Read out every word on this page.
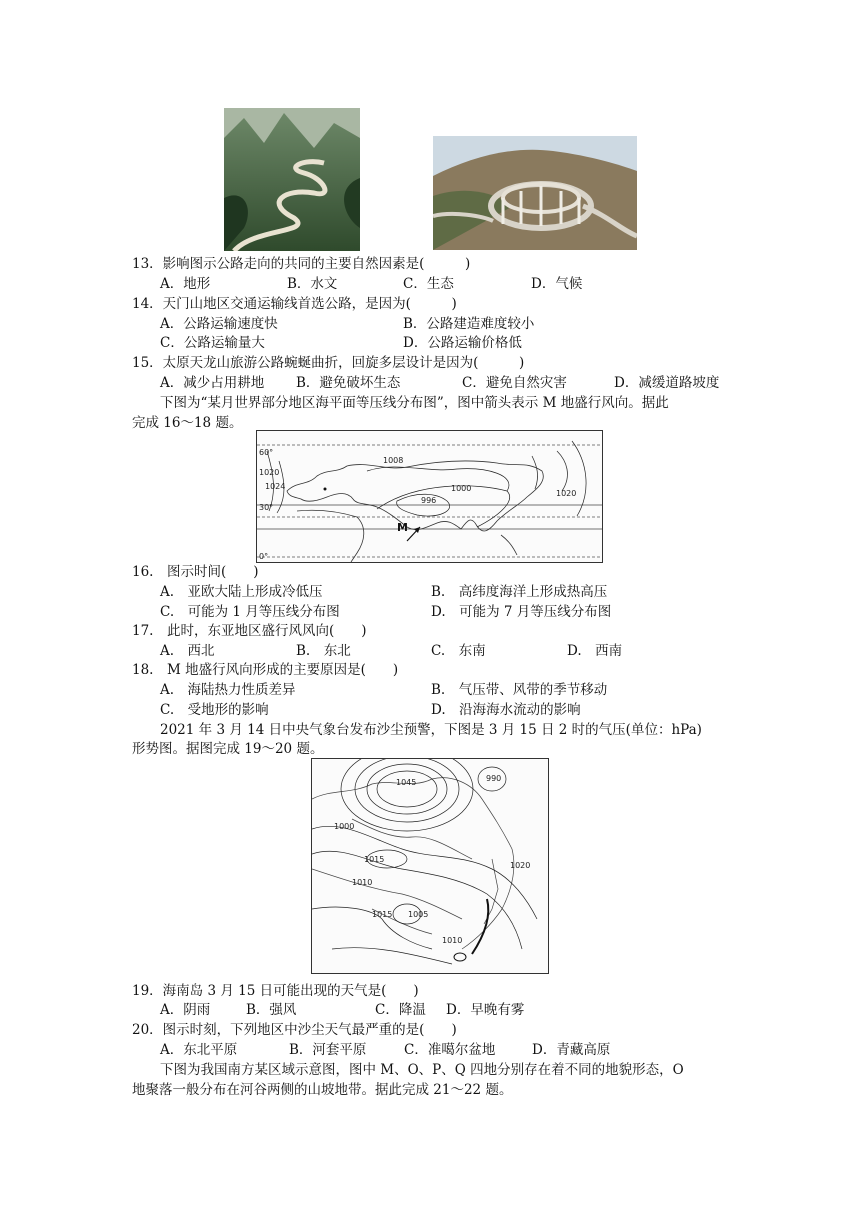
13．影响图示公路走向的共同的主要自然因素是(　　　)
A．地形	B．水文	C．生态	D．气候
14．天门山地区交通运输线首选公路，是因为(　　　)
A．公路运输速度快	B．公路建造难度较小
C．公路运输量大	D．公路运输价格低
15．太原天龙山旅游公路蜿蜒曲折，回旋多层设计是因为(　　　)
A．减少占用耕地 B．避免破坏生态	C．避免自然灾害	D．减缓道路坡度
下图为“某月世界部分地区海平面等压线分布图”，图中箭头表示 M 地盛行风向。据此
完成 16～18 题。
60°
30°
0°
1008
1020
1024	1000
996
1020
M
16.　图示时间(　　)
A.　亚欧大陆上形成冷低压	B.　高纬度海洋上形成热高压
C.　可能为 1 月等压线分布图	D.　可能为 7 月等压线分布图
17.　此时，东亚地区盛行风风向(　　)
A.　西北	B.　东北	C.　东南	D.　西南
18.　M 地盛行风向形成的主要原因是(　　)
A.　海陆热力性质差异	B.　气压带、风带的季节移动
C.　受地形的影响	D.　沿海海水流动的影响
2021 年 3 月 14 日中央气象台发布沙尘预警，下图是 3 月 15 日 2 时的气压(单位：hPa)
形势图。据图完成 19～20 题。
1045	990
1000
1015
1010
1020
1015 1005
1010
19．海南岛 3 月 15 日可能出现的天气是(　　)
A．阴雨	B．强风	C．降温 D．早晚有雾
20．图示时刻，下列地区中沙尘天气最严重的是(　　)
A．东北平原	B．河套平原	C．准噶尔盆地	D．青藏高原
下图为我国南方某区域示意图，图中 M、O、P、Q 四地分别存在着不同的地貌形态，O
地聚落一般分布在河谷两侧的山坡地带。据此完成 21～22 题。
